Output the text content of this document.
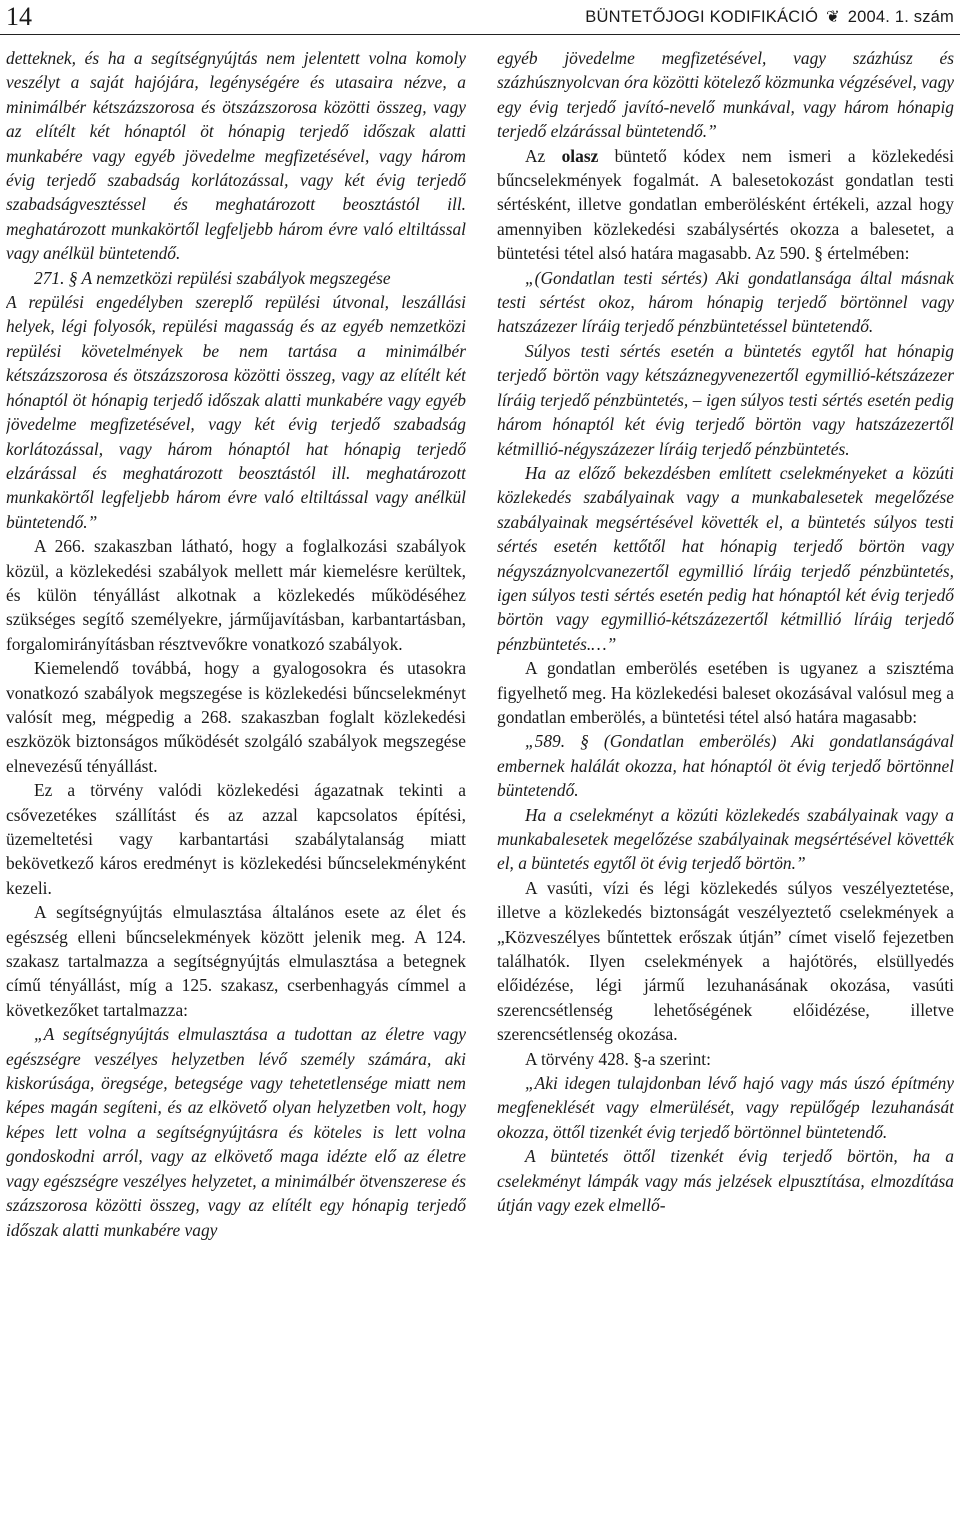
14	BÜNTETŐJOGI KODIFIKÁCIÓ ❦ 2004. 1. szám

detteknek, és ha a segítségnyújtás nem jelentett volna komoly veszélyt a saját hajójára, legénységére és utasaira nézve, a minimálbér kétszázszorosa és ötszázszorosa közötti összeg, vagy az elítélt két hónaptól öt hónapig terjedő időszak alatti munkabére vagy egyéb jövedelme megfizetésével, vagy három évig terjedő szabadság korlátozással, vagy két évig terjedő szabadságvesztéssel és meghatározott beosztástól ill. meghatározott munkakörtől legfeljebb három évre való eltiltással vagy anélkül büntetendő.

271. § A nemzetközi repülési szabályok megszegése

A repülési engedélyben szereplő repülési útvonal, leszállási helyek, légi folyosók, repülési magasság és az egyéb nemzetközi repülési követelmények be nem tartása a minimálbér kétszázszorosa és ötszázszorosa közötti összeg, vagy az elítélt két hónaptól öt hónapig terjedő időszak alatti munkabére vagy egyéb jövedelme megfizetésével, vagy két évig terjedő szabadság korlátozással, vagy három hónaptól hat hónapig terjedő elzárással és meghatározott beosztástól ill. meghatározott munkakörtől legfeljebb három évre való eltiltással vagy anélkül büntetendő.”

A 266. szakaszban látható, hogy a foglalkozási szabályok közül, a közlekedési szabályok mellett már kiemelésre kerültek, és külön tényállást alkotnak a közlekedés működéséhez szükséges segítő személyekre, járműjavításban, karbantartásban, forgalomirányításban résztvevőkre vonatkozó szabályok.

Kiemelendő továbbá, hogy a gyalogosokra és utasokra vonatkozó szabályok megszegése is közlekedési bűncselekményt valósít meg, mégpedig a 268. szakaszban foglalt közlekedési eszközök biztonságos működését szolgáló szabályok megszegése elnevezésű tényállást.

Ez a törvény valódi közlekedési ágazatnak tekinti a csővezetékes szállítást és az azzal kapcsolatos építési, üzemeltetési vagy karbantartási szabálytalanság miatt bekövetkező káros eredményt is közlekedési bűncselekményként kezeli.

A segítségnyújtás elmulasztása általános esete az élet és egészség elleni bűncselekmények között jelenik meg. A 124. szakasz tartalmazza a segítségnyújtás elmulasztása a betegnek című tényállást, míg a 125. szakasz, cserbenhagyás címmel a következőket tartalmazza:

„A segítségnyújtás elmulasztása a tudottan az életre vagy egészségre veszélyes helyzetben lévő személy számára, aki kiskorúsága, öregsége, betegsége vagy tehetetlensége miatt nem képes magán segíteni, és az elkövető olyan helyzetben volt, hogy képes lett volna a segítségnyújtásra és köteles is lett volna gondoskodni arról, vagy az elkövető maga idézte elő az életre vagy egészségre veszélyes helyzetet, a minimálbér ötvenszerese és százszorosa közötti összeg, vagy az elítélt egy hónapig terjedő időszak alatti munkabére vagy

egyéb jövedelme megfizetésével, vagy százhúsz és százhúsznyolcvan óra közötti kötelező közmunka végzésével, vagy egy évig terjedő javító-nevelő munkával, vagy három hónapig terjedő elzárással büntetendő.”

Az olasz büntető kódex nem ismeri a közlekedési bűncselekmények fogalmát. A balesetokozást gondatlan testi sértésként, illetve gondatlan emberölésként értékeli, azzal hogy amennyiben közlekedési szabálysértés okozza a balesetet, a büntetési tétel alsó határa magasabb. Az 590. § értelmében:

„(Gondatlan testi sértés) Aki gondatlansága által másnak testi sértést okoz, három hónapig terjedő börtönnel vagy hatszázezer líráig terjedő pénzbüntetéssel büntetendő.

Súlyos testi sértés esetén a büntetés egytől hat hónapig terjedő börtön vagy kétszáznegyvenezertől egymillió-kétszázezer líráig terjedő pénzbüntetés, – igen súlyos testi sértés esetén pedig három hónaptól két évig terjedő börtön vagy hatszázezertől kétmillió-négyszázezer líráig terjedő pénzbüntetés.

Ha az előző bekezdésben említett cselekményeket a közúti közlekedés szabályainak vagy a munkabalesetek megelőzése szabályainak megsértésével követték el, a büntetés súlyos testi sértés esetén kettőtől hat hónapig terjedő börtön vagy négyszáznyolcvanezertől egymillió líráig terjedő pénzbüntetés, igen súlyos testi sértés esetén pedig hat hónaptól két évig terjedő börtön vagy egymillió-kétszázezertől kétmillió líráig terjedő pénzbüntetés.…”

A gondatlan emberölés esetében is ugyanez a szisztéma figyelhető meg. Ha közlekedési baleset okozásával valósul meg a gondatlan emberölés, a büntetési tétel alsó határa magasabb:

„589. § (Gondatlan emberölés) Aki gondatlanságával embernek halálát okozza, hat hónaptól öt évig terjedő börtönnel büntetendő.

Ha a cselekményt a közúti közlekedés szabályainak vagy a munkabalesetek megelőzése szabályainak megsértésével követték el, a büntetés egytől öt évig terjedő börtön.”

A vasúti, vízi és légi közlekedés súlyos veszélyeztetése, illetve a közlekedés biztonságát veszélyeztető cselekmények a „Közveszélyes bűntettek erőszak útján” címet viselő fejezetben találhatók. Ilyen cselekmények a hajótörés, elsüllyedés előidézése, légi jármű lezuhanásának okozása, vasúti szerencsétlenség lehetőségének előidézése, illetve szerencsétlenség okozása.

A törvény 428. §-a szerint:

„Aki idegen tulajdonban lévő hajó vagy más úszó építmény megfeneklését vagy elmerülését, vagy repülőgép lezuhanását okozza, öttől tizenkét évig terjedő börtönnel büntetendő.

A büntetés öttől tizenkét évig terjedő börtön, ha a cselekményt lámpák vagy más jelzések elpusztítása, elmozdítása útján vagy ezek elmellő-
